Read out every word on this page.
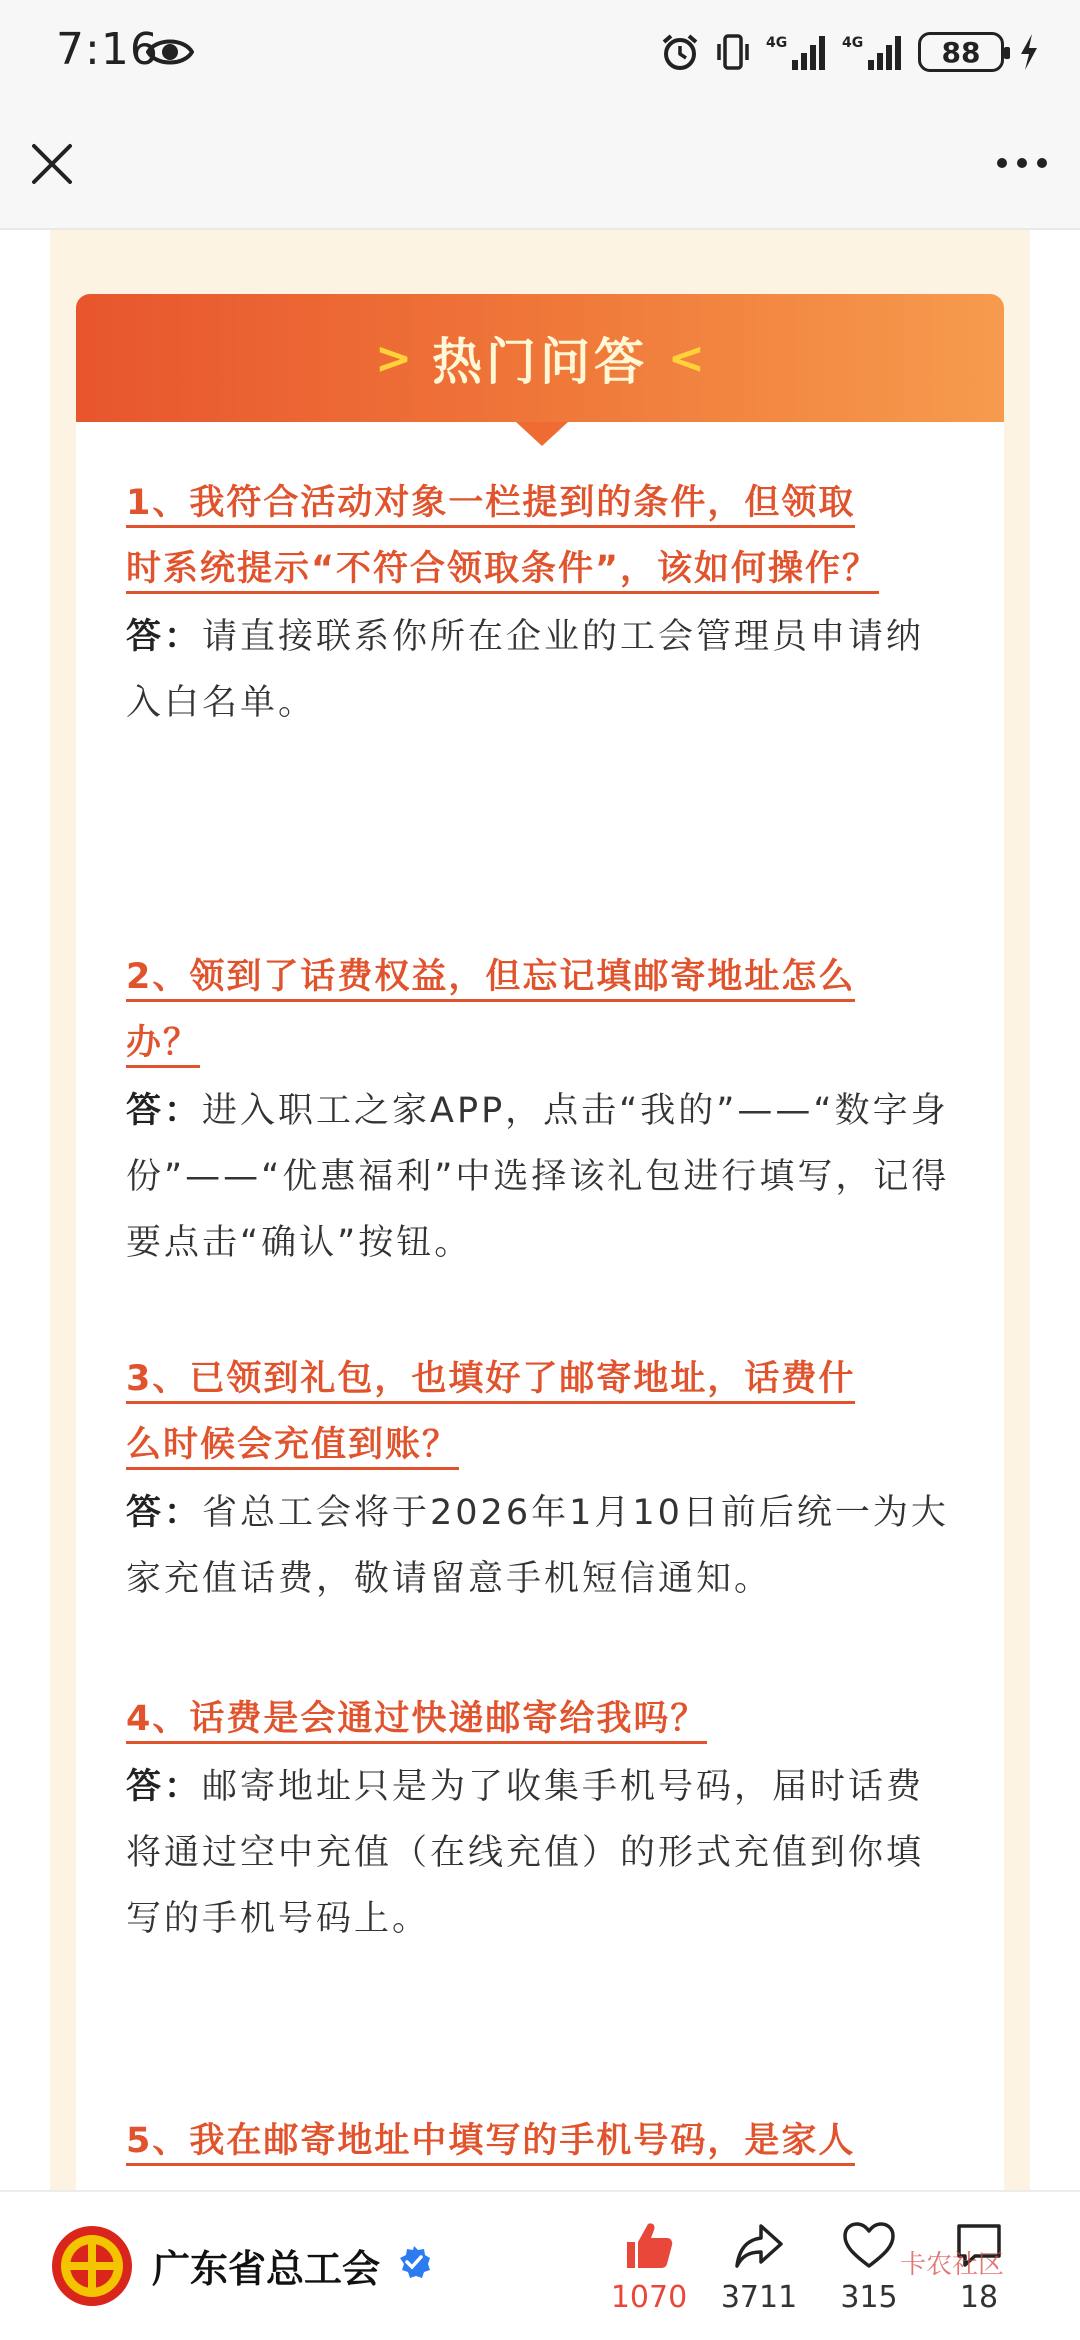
7:16	4G	4G	88
> 热门问答 <

1、我符合活动对象一栏提到的条件，但领取
时系统提示“不符合领取条件”，该如何操作？

答：请直接联系你所在企业的工会管理员申请纳入白名单。

2、领到了话费权益，但忘记填邮寄地址怎么
办？

答：进入职工之家APP，点击“我的”——“数字身份”——“优惠福利”中选择该礼包进行填写，记得要点击“确认”按钮。

3、已领到礼包，也填好了邮寄地址，话费什
么时候会充值到账？

答：省总工会将于2026年1月10日前后统一为大家充值话费，敬请留意手机短信通知。

4、话费是会通过快递邮寄给我吗？

答：邮寄地址只是为了收集手机号码，届时话费将通过空中充值（在线充值）的形式充值到你填写的手机号码上。

5、我在邮寄地址中填写的手机号码，是家人

广东省总工会
1070	3711	315	18
卡农社区
